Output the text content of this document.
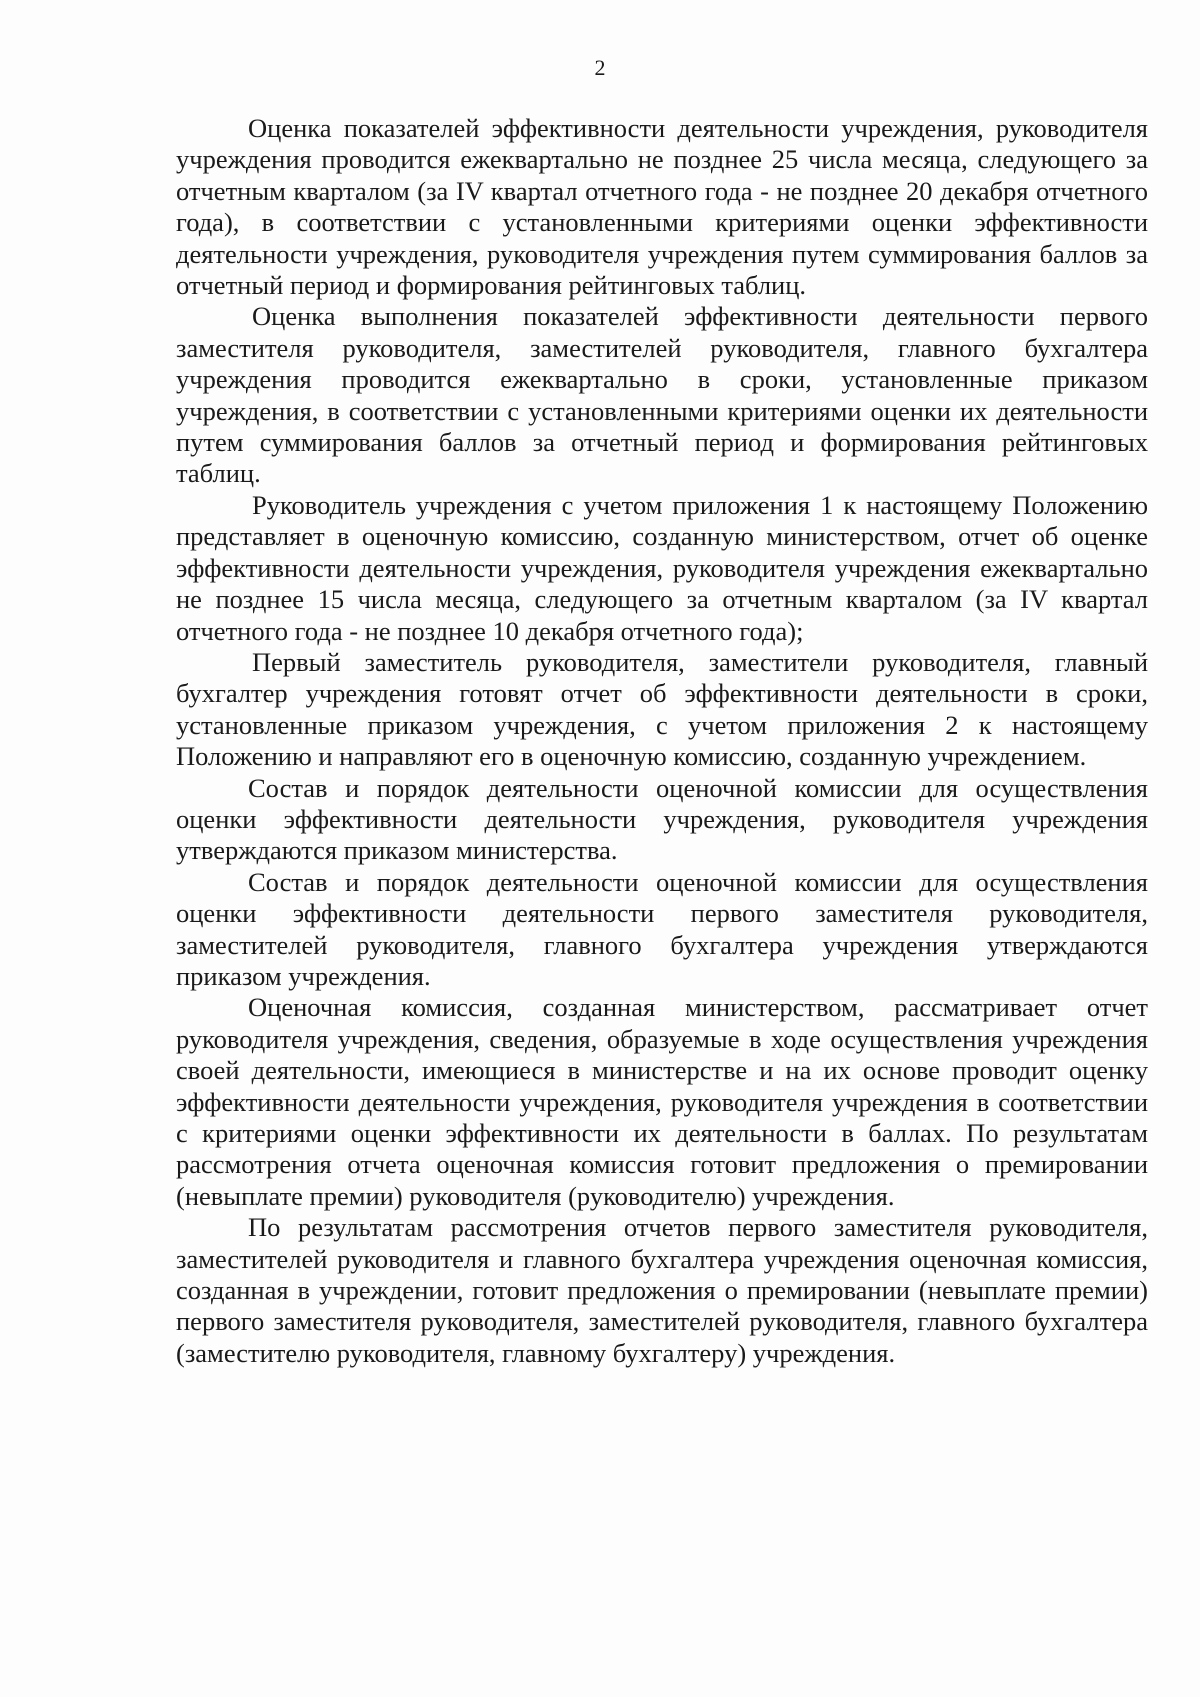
2

Оценка показателей эффективности деятельности учреждения, руководителя учреждения проводится ежеквартально не позднее 25 числа месяца, следующего за отчетным кварталом (за IV квартал отчетного года - не позднее 20 декабря отчетного года), в соответствии с установленными критериями оценки эффективности деятельности учреждения, руководителя учреждения путем суммирования баллов за отчетный период и формирования рейтинговых таблиц.

Оценка выполнения показателей эффективности деятельности первого заместителя руководителя, заместителей руководителя, главного бухгалтера учреждения проводится ежеквартально в сроки, установленные приказом учреждения, в соответствии с установленными критериями оценки их деятельности путем суммирования баллов за отчетный период и формирования рейтинговых таблиц.

Руководитель учреждения с учетом приложения 1 к настоящему Положению представляет в оценочную комиссию, созданную министерством, отчет об оценке эффективности деятельности учреждения, руководителя учреждения ежеквартально не позднее 15 числа месяца, следующего за отчетным кварталом (за IV квартал отчетного года - не позднее 10 декабря отчетного года);

Первый заместитель руководителя, заместители руководителя, главный бухгалтер учреждения готовят отчет об эффективности деятельности в сроки, установленные приказом учреждения, с учетом приложения 2 к настоящему Положению и направляют его в оценочную комиссию, созданную учреждением.

Состав и порядок деятельности оценочной комиссии для осуществления оценки эффективности деятельности учреждения, руководителя учреждения утверждаются приказом министерства.

Состав и порядок деятельности оценочной комиссии для осуществления оценки эффективности деятельности первого заместителя руководителя, заместителей руководителя, главного бухгалтера учреждения утверждаются приказом учреждения.

Оценочная комиссия, созданная министерством, рассматривает отчет руководителя учреждения, сведения, образуемые в ходе осуществления учреждения своей деятельности, имеющиеся в министерстве и на их основе проводит оценку эффективности деятельности учреждения, руководителя учреждения в соответствии с критериями оценки эффективности их деятельности в баллах. По результатам рассмотрения отчета оценочная комиссия готовит предложения о премировании (невыплате премии) руководителя (руководителю) учреждения.

По результатам рассмотрения отчетов первого заместителя руководителя, заместителей руководителя и главного бухгалтера учреждения оценочная комиссия, созданная в учреждении, готовит предложения о премировании (невыплате премии) первого заместителя руководителя, заместителей руководителя, главного бухгалтера (заместителю руководителя, главному бухгалтеру) учреждения.
